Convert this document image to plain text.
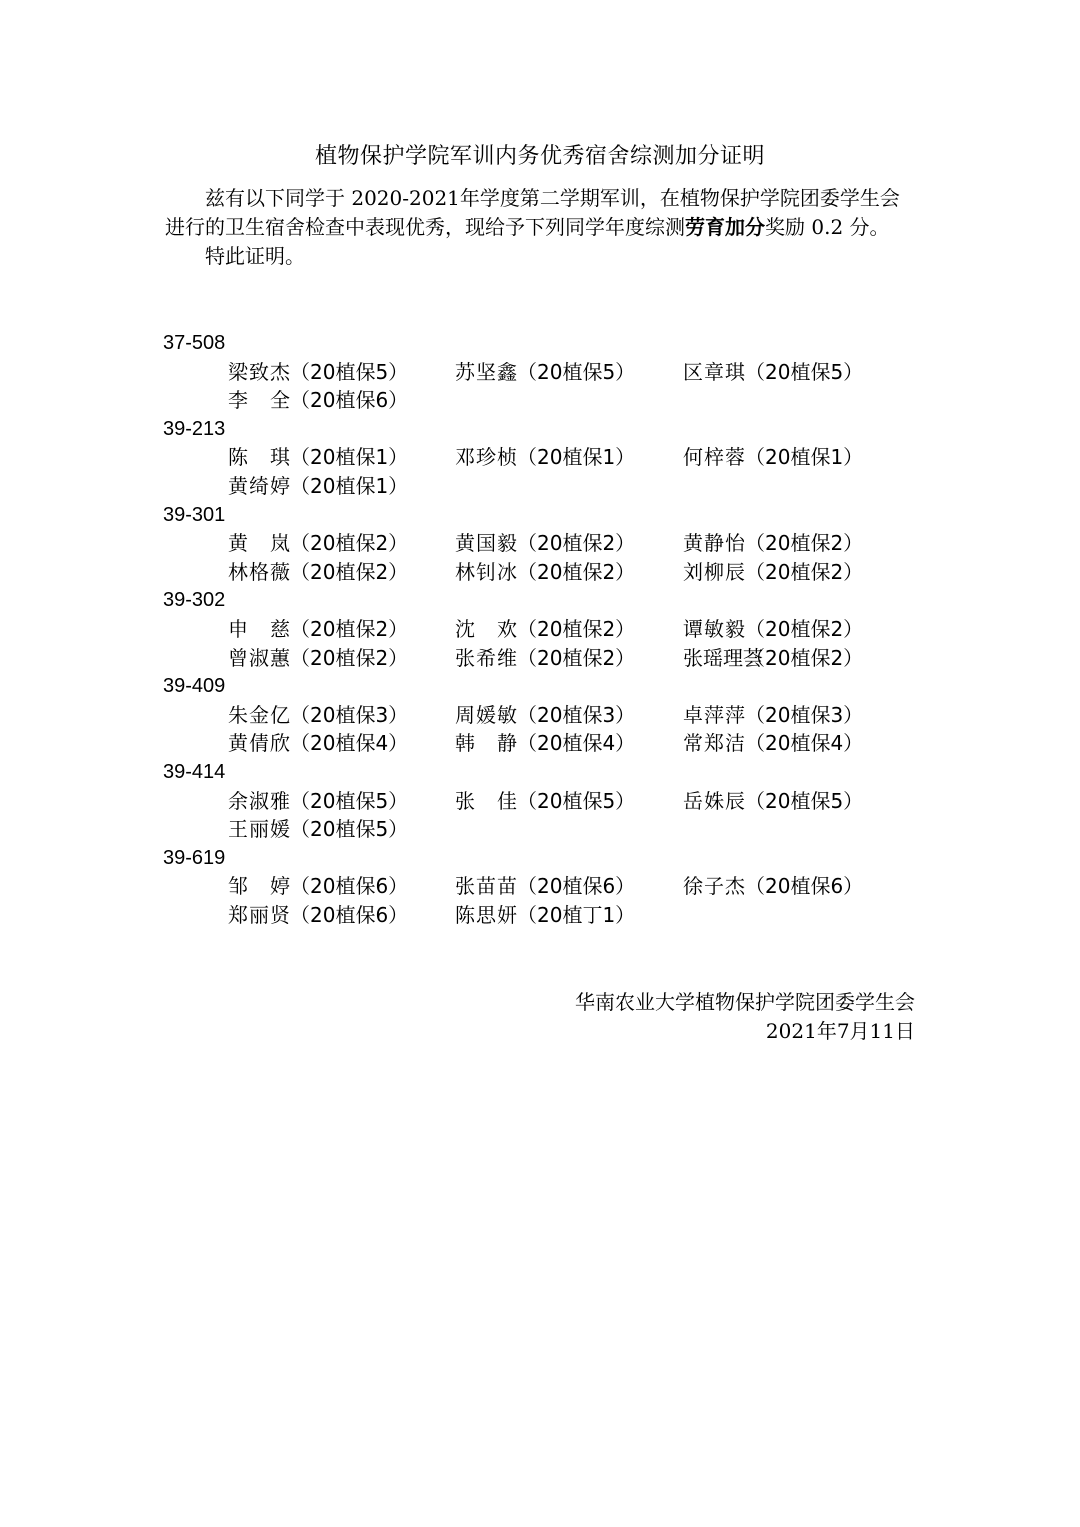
植物保护学院军训内务优秀宿舍综测加分证明

兹有以下同学于 2020-2021年学度第二学期军训，在植物保护学院团委学生会进行的卫生宿舍检查中表现优秀，现给予下列同学年度综测劳育加分奖励 0.2 分。

特此证明。

37-508
梁致杰（20植保5） 苏坚鑫（20植保5） 区章琪（20植保5）
李全（20植保6）
39-213
陈琪（20植保1） 邓珍桢（20植保1） 何梓蓉（20植保1）
黄绮婷（20植保1）
39-301
黄岚（20植保2） 黄国毅（20植保2） 黄静怡（20植保2）
林格薇（20植保2） 林钊冰（20植保2） 刘柳辰（20植保2）
39-302
申慈（20植保2） 沈欢（20植保2） 谭敏毅（20植保2）
曾淑蕙（20植保2） 张希维（20植保2） 张瑶理荟（20植保2）
39-409
朱金亿（20植保3） 周媛敏（20植保3） 卓萍萍（20植保3）
黄倩欣（20植保4） 韩静（20植保4） 常郑洁（20植保4）
39-414
余淑雅（20植保5） 张佳（20植保5） 岳姝辰（20植保5）
王丽媛（20植保5）
39-619
邹婷（20植保6） 张苗苗（20植保6） 徐子杰（20植保6）
郑丽贤（20植保6） 陈思妍（20植丁1）
华南农业大学植物保护学院团委学生会
2021年7月11日
